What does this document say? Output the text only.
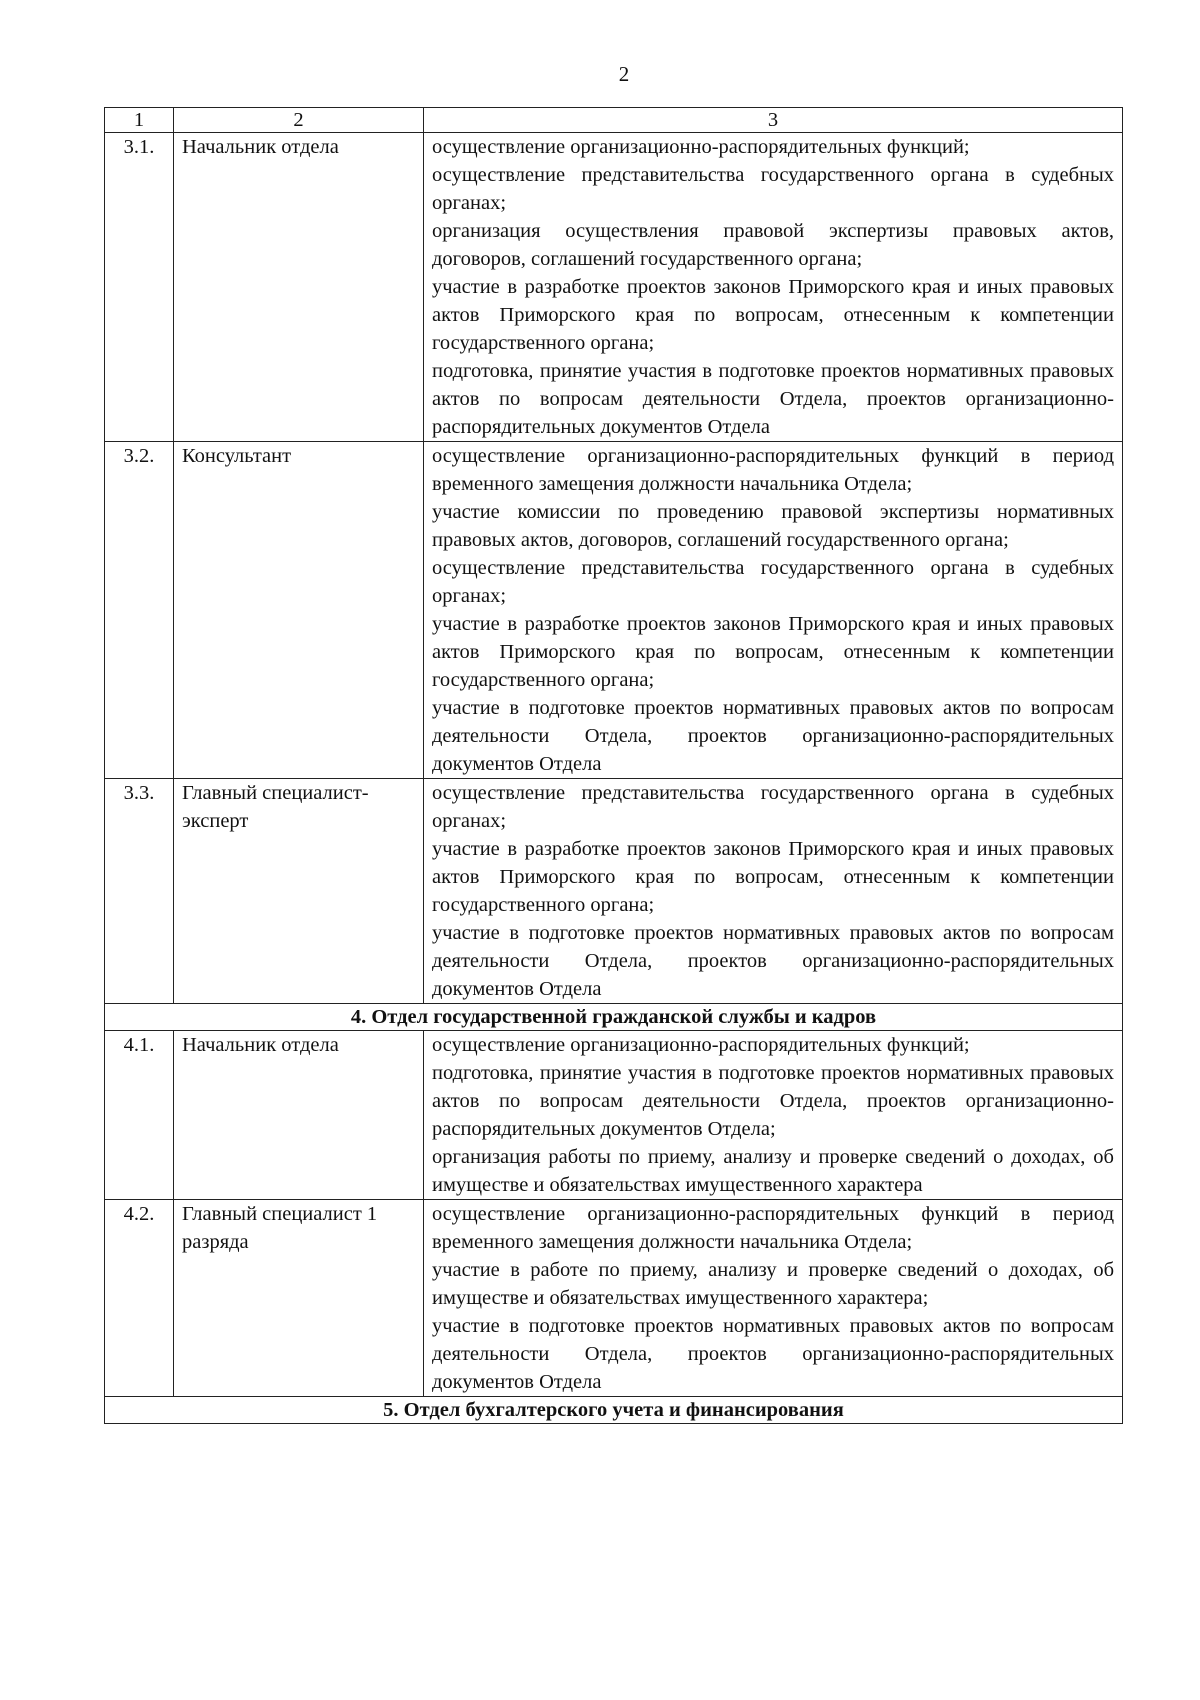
2
1	2	3
3.1.	Начальник отдела	осуществление организационно-распорядительных функций;
осуществление представительства государственного органа в судебных органах;
организация осуществления правовой экспертизы правовых актов, договоров, соглашений государственного органа;
участие в разработке проектов законов Приморского края и иных правовых актов Приморского края по вопросам, отнесенным к компетенции государственного органа;
подготовка, принятие участия в подготовке проектов нормативных правовых актов по вопросам деятельности Отдела, проектов организационно-распорядительных документов Отдела

3.2.	Консультант	осуществление организационно-распорядительных функций в период временного замещения должности начальника Отдела;
участие комиссии по проведению правовой экспертизы нормативных правовых актов, договоров, соглашений государственного органа;
осуществление представительства государственного органа в судебных органах;
участие в разработке проектов законов Приморского края и иных правовых актов Приморского края по вопросам, отнесенным к компетенции государственного органа;
участие в подготовке проектов нормативных правовых актов по вопросам деятельности Отдела, проектов организационно-распорядительных документов Отдела

3.3.	Главный специалист-эксперт	осуществление представительства государственного органа в судебных органах;
участие в разработке проектов законов Приморского края и иных правовых актов Приморского края по вопросам, отнесенным к компетенции государственного органа;
участие в подготовке проектов нормативных правовых актов по вопросам деятельности Отдела, проектов организационно-распорядительных документов Отдела

4. Отдел государственной гражданской службы и кадров		
4.1.	Начальник отдела	осуществление организационно-распорядительных функций;
подготовка, принятие участия в подготовке проектов нормативных правовых актов по вопросам деятельности Отдела, проектов организационно-распорядительных документов Отдела;
организация работы по приему, анализу и проверке сведений о доходах, об имуществе и обязательствах имущественного характера

4.2.	Главный специалист 1 разряда	осуществление организационно-распорядительных функций в период временного замещения должности начальника Отдела;
участие в работе по приему, анализу и проверке сведений о доходах, об имуществе и обязательствах имущественного характера;
участие в подготовке проектов нормативных правовых актов по вопросам деятельности Отдела, проектов организационно-распорядительных документов Отдела

5. Отдел бухгалтерского учета и финансирования		
